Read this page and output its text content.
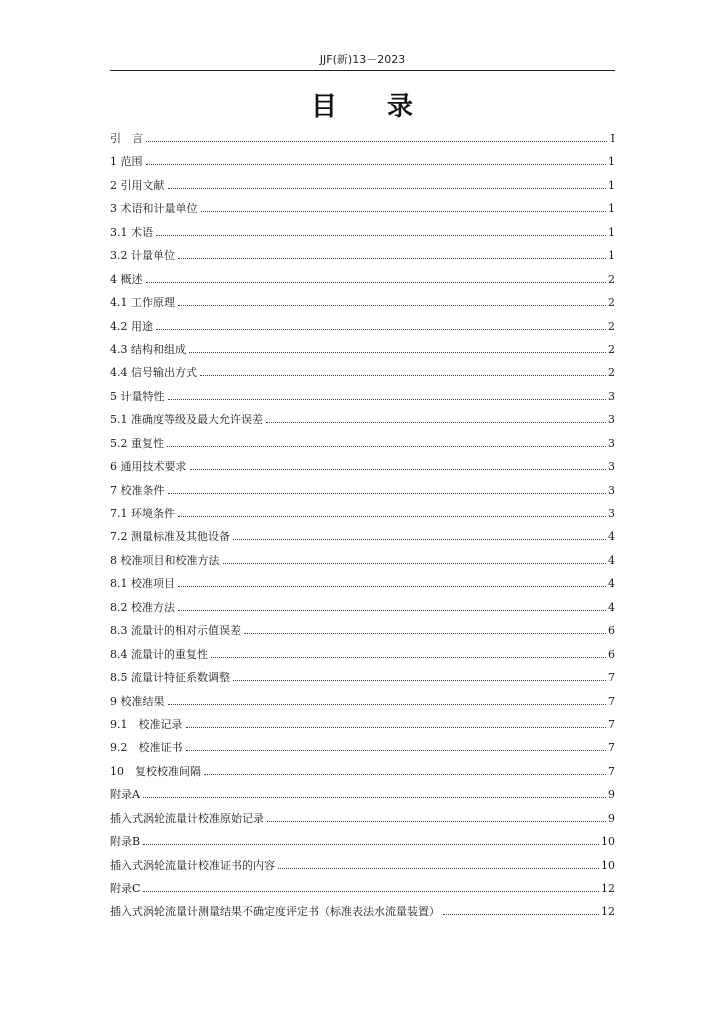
JJF(新)13－2023
目 录
引　言	I
1 范围	1
2 引用文献	1
3 术语和计量单位	1
3.1 术语	1
3.2 计量单位	1
4 概述	2
4.1 工作原理	2
4.2 用途	2
4.3 结构和组成	2
4.4 信号输出方式	2
5 计量特性	3
5.1 准确度等级及最大允许误差	3
5.2 重复性	3
6 通用技术要求	3
7 校准条件	3
7.1 环境条件	3
7.2 测量标准及其他设备	4
8 校准项目和校准方法	4
8.1 校准项目	4
8.2 校准方法	4
8.3 流量计的相对示值误差	6
8.4 流量计的重复性	6
8.5 流量计特征系数调整	7
9 校准结果	7
9.1　校准记录	7
9.2　校准证书	7
10　复校校准间隔	7
附录A	9
插入式涡轮流量计校准原始记录	9
附录B	10
插入式涡轮流量计校准证书的内容	10
附录C	12
插入式涡轮流量计测量结果不确定度评定书（标准表法水流量装置）	12
